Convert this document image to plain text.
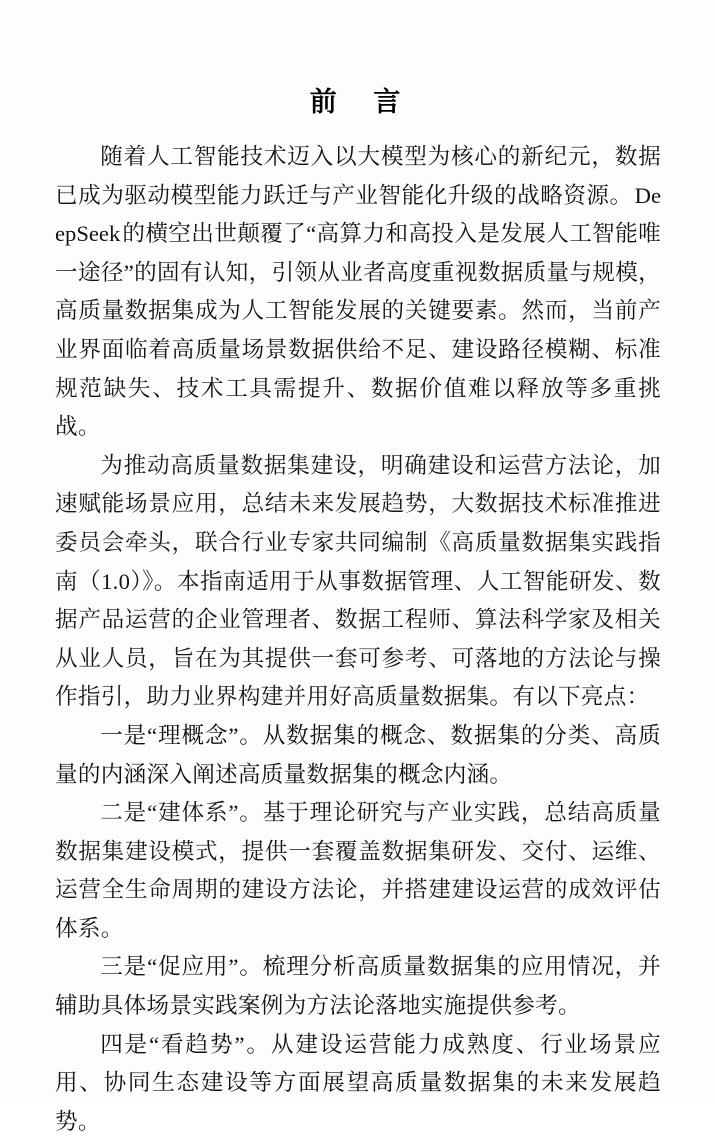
前　言

随着人工智能技术迈入以大模型为核心的新纪元，数据已成为驱动模型能力跃迁与产业智能化升级的战略资源。DeepSeek的横空出世颠覆了“高算力和高投入是发展人工智能唯一途径”的固有认知，引领从业者高度重视数据质量与规模，高质量数据集成为人工智能发展的关键要素。然而，当前产业界面临着高质量场景数据供给不足、建设路径模糊、标准规范缺失、技术工具需提升、数据价值难以释放等多重挑战。

为推动高质量数据集建设，明确建设和运营方法论，加速赋能场景应用，总结未来发展趋势，大数据技术标准推进委员会牵头，联合行业专家共同编制《高质量数据集实践指南（1.0）》。本指南适用于从事数据管理、人工智能研发、数据产品运营的企业管理者、数据工程师、算法科学家及相关从业人员，旨在为其提供一套可参考、可落地的方法论与操作指引，助力业界构建并用好高质量数据集。有以下亮点：

一是“理概念”。从数据集的概念、数据集的分类、高质量的内涵深入阐述高质量数据集的概念内涵。

二是“建体系”。基于理论研究与产业实践，总结高质量数据集建设模式，提供一套覆盖数据集研发、交付、运维、运营全生命周期的建设方法论，并搭建建设运营的成效评估体系。

三是“促应用”。梳理分析高质量数据集的应用情况，并辅助具体场景实践案例为方法论落地实施提供参考。

四是“看趋势”。从建设运营能力成熟度、行业场景应用、协同生态建设等方面展望高质量数据集的未来发展趋势。
